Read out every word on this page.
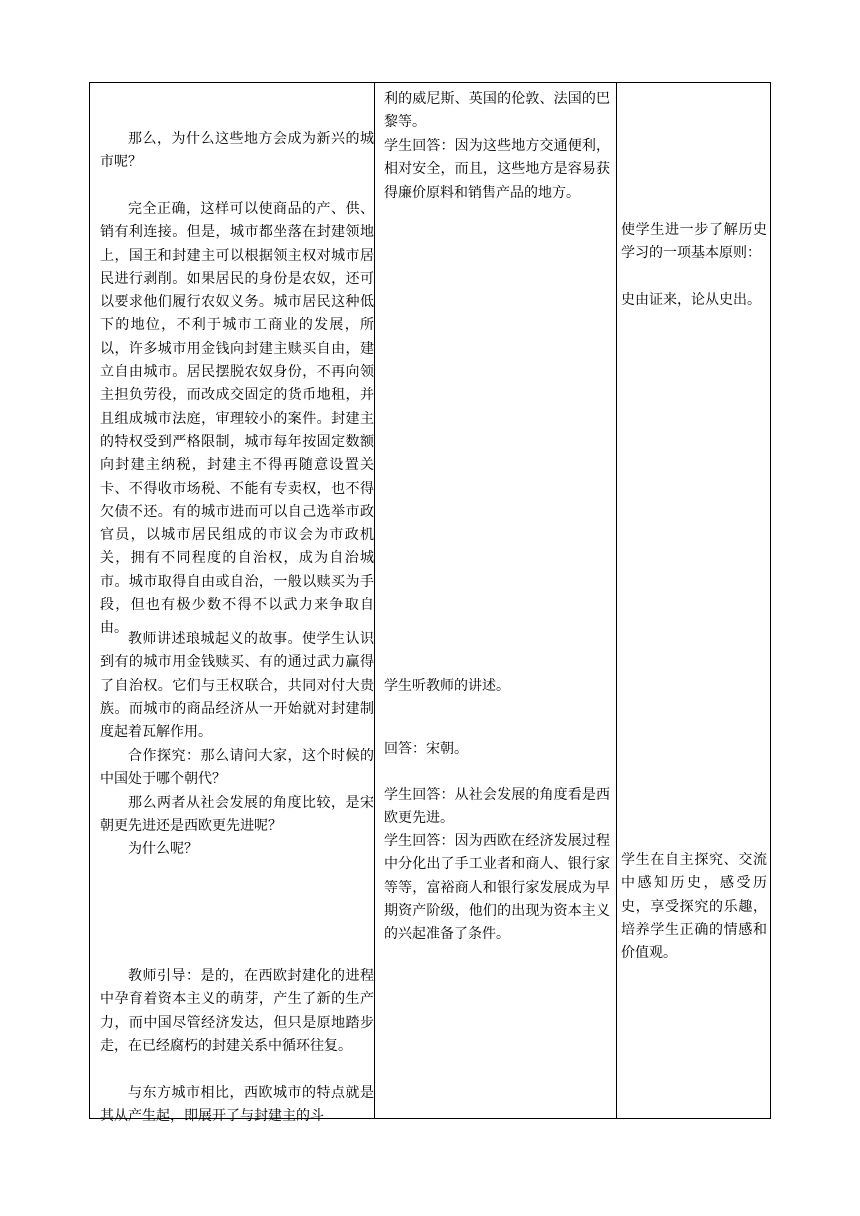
那么，为什么这些地方会成为新兴的城市呢？

完全正确，这样可以使商品的产、供、销有利连接。但是，城市都坐落在封建领地上，国王和封建主可以根据领主权对城市居民进行剥削。如果居民的身份是农奴，还可以要求他们履行农奴义务。城市居民这种低下的地位，不利于城市工商业的发展，所以，许多城市用金钱向封建主赎买自由，建立自由城市。居民摆脱农奴身份，不再向领主担负劳役，而改成交固定的货币地租，并且组成城市法庭，审理较小的案件。封建主的特权受到严格限制，城市每年按固定数额向封建主纳税，封建主不得再随意设置关卡、不得收市场税、不能有专卖权，也不得欠债不还。有的城市进而可以自己选举市政官员，以城市居民组成的市议会为市政机关，拥有不同程度的自治权，成为自治城市。城市取得自由或自治，一般以赎买为手段，但也有极少数不得不以武力来争取自由。

教师讲述琅城起义的故事。使学生认识到有的城市用金钱赎买、有的通过武力赢得了自治权。它们与王权联合，共同对付大贵族。而城市的商品经济从一开始就对封建制度起着瓦解作用。

合作探究：那么请问大家，这个时候的中国处于哪个朝代？

那么两者从社会发展的角度比较，是宋朝更先进还是西欧更先进呢？

为什么呢？

教师引导：是的，在西欧封建化的进程中孕育着资本主义的萌芽，产生了新的生产力，而中国尽管经济发达，但只是原地踏步走，在已经腐朽的封建关系中循环往复。

与东方城市相比，西欧城市的特点就是其从产生起，即展开了与封建主的斗

利的威尼斯、英国的伦敦、法国的巴黎等。

学生回答：因为这些地方交通便利，相对安全，而且，这些地方是容易获得廉价原料和销售产品的地方。

学生听教师的讲述。

回答：宋朝。

学生回答：从社会发展的角度看是西欧更先进。

学生回答：因为西欧在经济发展过程中分化出了手工业者和商人、银行家等等，富裕商人和银行家发展成为早期资产阶级，他们的出现为资本主义的兴起准备了条件。

使学生进一步了解历史学习的一项基本原则：

史由证来，论从史出。

学生在自主探究、交流中感知历史，感受历史，享受探究的乐趣，培养学生正确的情感和价值观。
